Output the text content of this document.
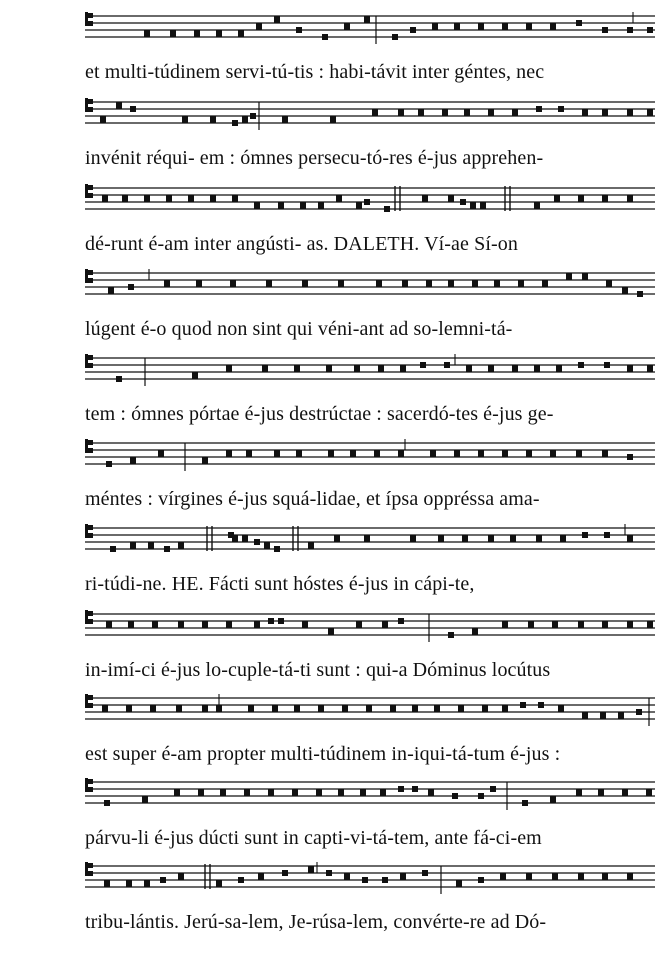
et multi-túdinem servi-tú-tis : habi-távit inter géntes, nec
invénit réqui- em : ómnes persecu-tó-res é-jus apprehen-
dé-runt é-am inter angústi- as. DALETH. Ví-ae Sí-on
lúgent é-o quod non sint qui véni-ant ad so-lemni-tá-
tem : ómnes pórtae é-jus destrúctae : sacerdó-tes é-jus ge-
méntes : vírgines é-jus squá-lidae, et ípsa oppréssa ama-
ri-túdi-ne. HE. Fácti sunt hóstes é-jus in cápi-te,
in-imí-ci é-jus lo-cuple-tá-ti sunt : qui-a Dóminus locútus
est super é-am propter multi-túdinem in-iqui-tá-tum é-jus :
párvu-li é-jus dúcti sunt in capti-vi-tá-tem, ante fá-ci-em
tribu-lántis. Jerú-sa-lem, Je-rúsa-lem, convérte-re ad Dó-
